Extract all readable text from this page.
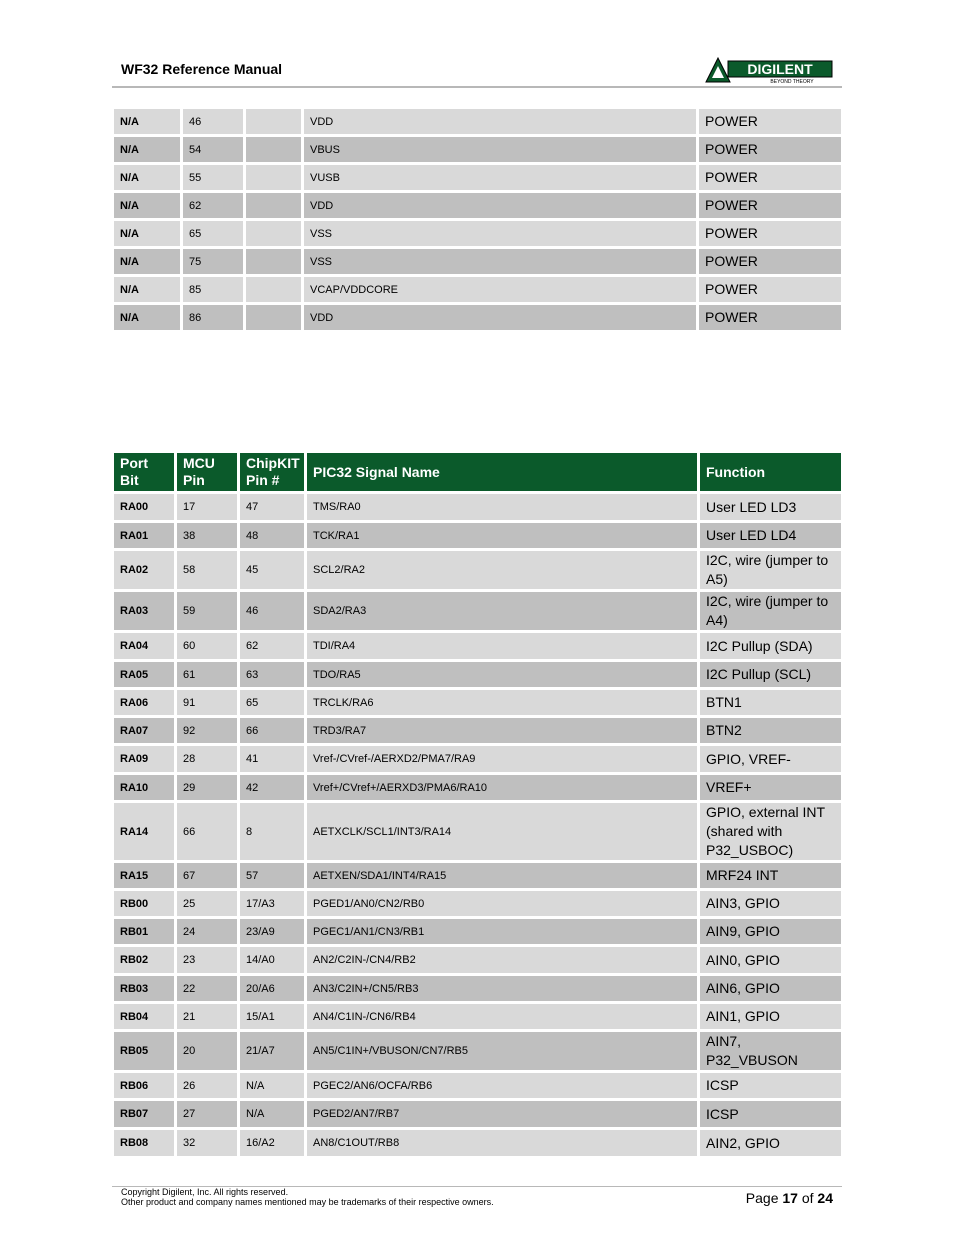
WF32 Reference Manual	DIGILENT
BEYOND THEORY
N/A	46		VDD	POWER
N/A	54		VBUS	POWER
N/A	55		VUSB	POWER
N/A	62		VDD	POWER
N/A	65		VSS	POWER
N/A	75		VSS	POWER
N/A	85		VCAP/VDDCORE	POWER
N/A	86		VDD	POWER
Port Bit	MCU Pin	ChipKIT Pin #	PIC32 Signal Name	Function
RA00	17	47	TMS/RA0	User LED LD3
RA01	38	48	TCK/RA1	User LED LD4
RA02	58	45	SCL2/RA2	I2C, wire (jumper to A5)
RA03	59	46	SDA2/RA3	I2C, wire (jumper to A4)
RA04	60	62	TDI/RA4	I2C Pullup (SDA)
RA05	61	63	TDO/RA5	I2C Pullup (SCL)
RA06	91	65	TRCLK/RA6	BTN1
RA07	92	66	TRD3/RA7	BTN2
RA09	28	41	Vref-/CVref-/AERXD2/PMA7/RA9	GPIO, VREF-
RA10	29	42	Vref+/CVref+/AERXD3/PMA6/RA10	VREF+
RA14	66	8	AETXCLK/SCL1/INT3/RA14	GPIO, external INT (shared with P32_USBOC)
RA15	67	57	AETXEN/SDA1/INT4/RA15	MRF24 INT
RB00	25	17/A3	PGED1/AN0/CN2/RB0	AIN3, GPIO
RB01	24	23/A9	PGEC1/AN1/CN3/RB1	AIN9, GPIO
RB02	23	14/A0	AN2/C2IN-/CN4/RB2	AIN0, GPIO
RB03	22	20/A6	AN3/C2IN+/CN5/RB3	AIN6, GPIO
RB04	21	15/A1	AN4/C1IN-/CN6/RB4	AIN1, GPIO
RB05	20	21/A7	AN5/C1IN+/VBUSON/CN7/RB5	AIN7, P32_VBUSON
RB06	26	N/A	PGEC2/AN6/OCFA/RB6	ICSP
RB07	27	N/A	PGED2/AN7/RB7	ICSP
RB08	32	16/A2	AN8/C1OUT/RB8	AIN2, GPIO
Copyright Digilent, Inc. All rights reserved.
Other product and company names mentioned may be trademarks of their respective owners.	Page 17 of 24
